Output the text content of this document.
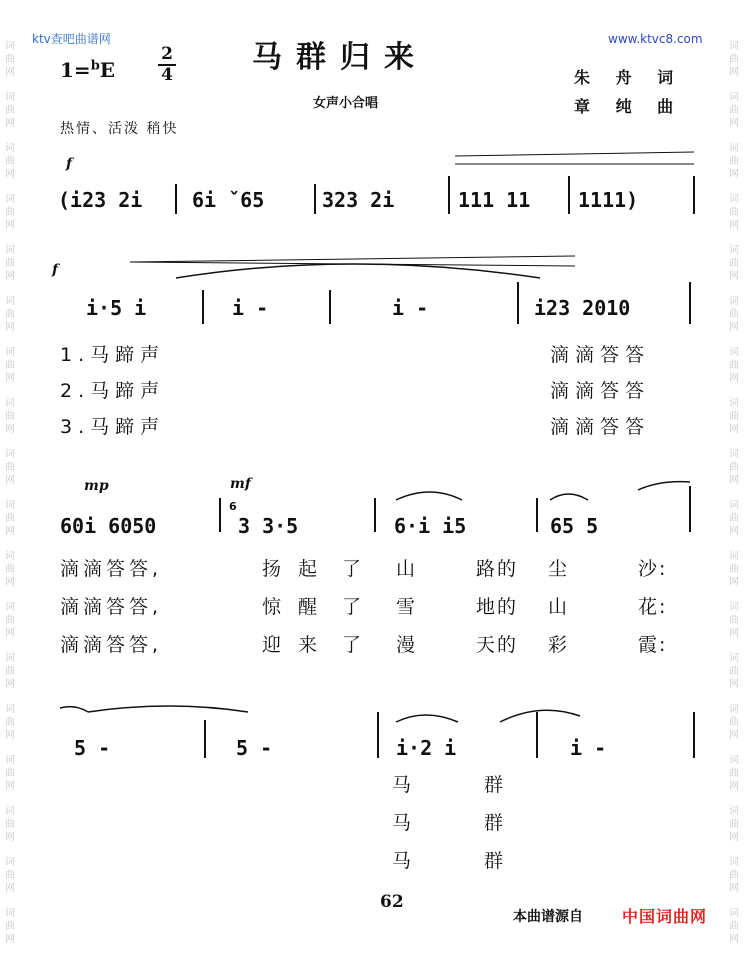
ktv查吧曲谱网	www.ktvc8.com
词
曲
网
词
曲
网
词
曲
网
词
曲
网
词
曲
网
词
曲
网
词
曲
网
词
曲
网
词
曲
网
词
曲
网
词
曲
网
词
曲
网
词
曲
网
词
曲
网
词
曲
网
词
曲
网
词
曲
网
词
曲
网
词
曲
网
词
曲
网
词
曲
网
词
曲
网
词
曲
网
词
曲
网
词
曲
网
词
曲
网
词
曲
网
词
曲
网
词
曲
网
词
曲
网
词
曲
网
词
曲
网
词
曲
网
词
曲
网
词
曲
网
词
曲
网
马群归来
1=$^b$E
2
4
女声小合唱
朱 舟 词
章 纯 曲
热情、活泼 稍快
f
(i23 2i 6i ˇ65	323 2i	111 11 1111)
f
i·5 i	i -	i -	i23 2010
1.马蹄声	滴滴答答
2.马蹄声	滴滴答答
3.马蹄声	滴滴答答
mp	mf
60i 6050
6
3 3·5	6·i i5	65 5
滴滴答答,	扬 起 了 山	路的 尘	沙:
滴滴答答,	惊 醒 了 雪	地的 山	花:
滴滴答答,	迎 来 了 漫	天的 彩	霞:
5 -	5 -	i·2 i	i -
马	群
马	群
马	群
62
本曲谱源自 中国词曲网
